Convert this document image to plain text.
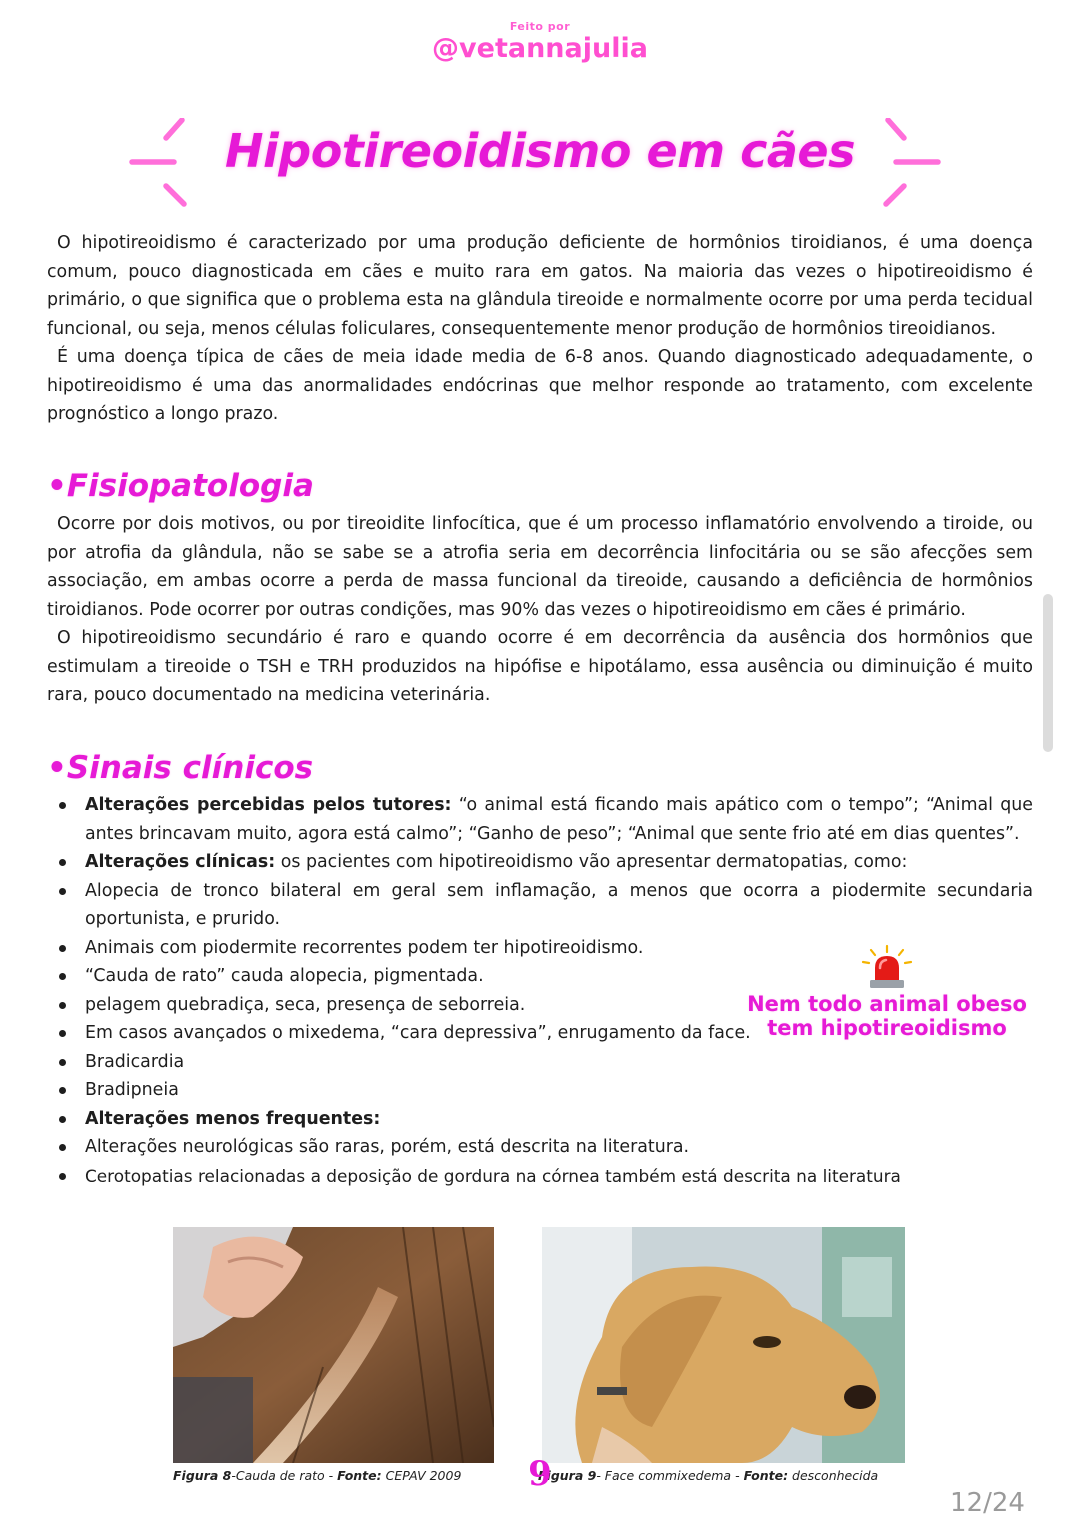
Feito por
@vetannajulia
Hipotireoidismo em cães

O hipotireoidismo é caracterizado por uma produção deficiente de hormônios tiroidianos, é uma doença comum, pouco diagnosticada em cães e muito rara em gatos. Na maioria das vezes o hipotireoidismo é primário, o que significa que o problema esta na glândula tireoide e normalmente ocorre por uma perda tecidual funcional, ou seja, menos células foliculares, consequentemente menor produção de hormônios tireoidianos.

É uma doença típica de cães de meia idade media de 6-8 anos. Quando diagnosticado adequadamente, o hipotireoidismo é uma das anormalidades endócrinas que melhor responde ao tratamento, com excelente prognóstico a longo prazo.

•Fisiopatologia

Ocorre por dois motivos, ou por tireoidite linfocítica, que é um processo inflamatório envolvendo a tiroide, ou por atrofia da glândula, não se sabe se a atrofia seria em decorrência linfocitária ou se são afecções sem associação, em ambas ocorre a perda de massa funcional da tireoide, causando a deficiência de hormônios tiroidianos. Pode ocorrer por outras condições, mas 90% das vezes o hipotireoidismo em cães é primário.

O hipotireoidismo secundário é raro e quando ocorre é em decorrência da ausência dos hormônios que estimulam a tireoide o TSH e TRH produzidos na hipófise e hipotálamo, essa ausência ou diminuição é muito rara, pouco documentado na medicina veterinária.

•Sinais clínicos
Alterações percebidas pelos tutores: “o animal está ficando mais apático com o tempo”; “Animal que antes brincavam muito, agora está calmo”; “Ganho de peso”; “Animal que sente frio até em dias quentes”.
Alterações clínicas: os pacientes com hipotireoidismo vão apresentar dermatopatias, como:
Alopecia de tronco bilateral em geral sem inflamação, a menos que ocorra a piodermite secundaria oportunista, e prurido.
Animais com piodermite recorrentes podem ter hipotireoidismo.
“Cauda de rato” cauda alopecia, pigmentada.
pelagem quebradiça, seca, presença de seborreia.
Em casos avançados o mixedema, “cara depressiva”, enrugamento da face.
Bradicardia
Bradipneia
Alterações menos frequentes:
Alterações neurológicas são raras, porém, está descrita na literatura.
Cerotopatias relacionadas a deposição de gordura na córnea também está descrita na literatura
Nem todo animal obeso
tem hipotireoidismo
Figura 8-Cauda de rato - Fonte: CEPAV 2009	Figura 9- Face commixedema - Fonte: desconhecida
9
12/24
